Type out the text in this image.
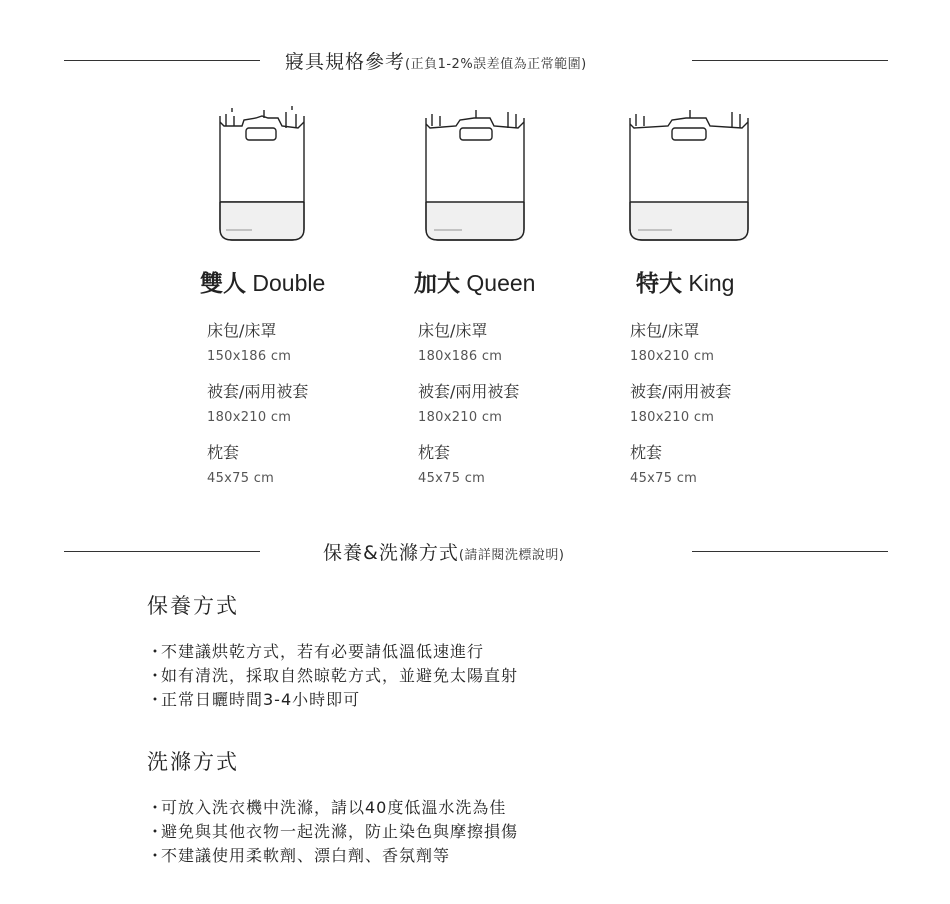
寢具規格參考(正負1-2%誤差值為正常範圍)
雙人 Double	加大 Queen	特大 King
床包/床罩
150x186 cm
被套/兩用被套
180x210 cm
枕套
45x75 cm
床包/床罩
180x186 cm
被套/兩用被套
180x210 cm
枕套
45x75 cm
床包/床罩
180x210 cm
被套/兩用被套
180x210 cm
枕套
45x75 cm
保養&洗滌方式(請詳閱洗標說明)
保養方式
・不建議烘乾方式，若有必要請低溫低速進行
・如有清洗，採取自然晾乾方式，並避免太陽直射
・正常日曬時間3-4小時即可
洗滌方式
・可放入洗衣機中洗滌，請以40度低溫水洗為佳
・避免與其他衣物一起洗滌，防止染色與摩擦損傷
・不建議使用柔軟劑、漂白劑、香氛劑等
